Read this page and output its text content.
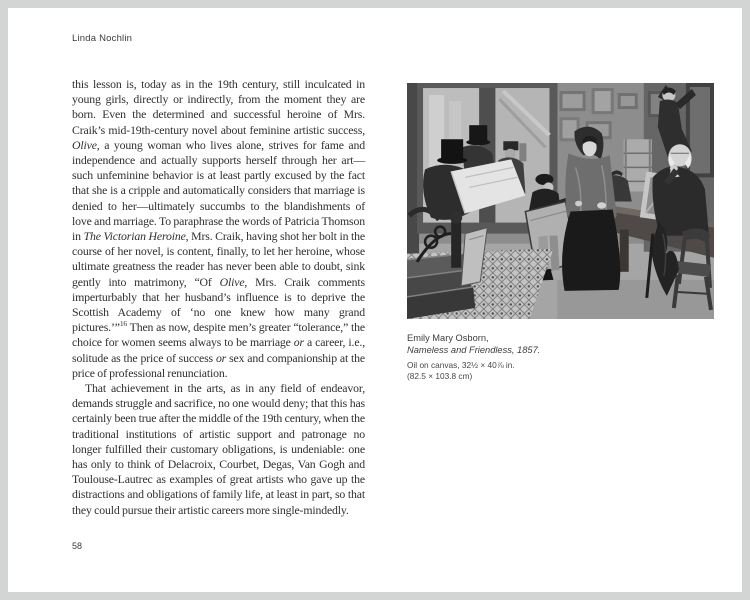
Linda Nochlin

this lesson is, today as in the 19th century, still inculcated in young girls, directly or indirectly, from the moment they are born. Even the determined and successful heroine of Mrs. Craik’s mid-19th-century novel about feminine artistic success, Olive, a young woman who lives alone, strives for fame and independence and actually supports herself through her art—such unfeminine behavior is at least partly excused by the fact that she is a cripple and automatically considers that marriage is denied to her—ultimately succumbs to the blandishments of love and marriage. To paraphrase the words of Patricia Thomson in The Victorian Heroine, Mrs. Craik, having shot her bolt in the course of her novel, is content, finally, to let her heroine, whose ultimate greatness the reader has never been able to doubt, sink gently into matrimony, “Of Olive, Mrs. Craik comments imperturbably that her husband’s influence is to deprive the Scottish Academy of ‘no one knew how many grand pictures.’”$^{16}$ Then as now, despite men’s greater “tolerance,” the choice for women seems always to be marriage or a career, i.e., solitude as the price of success or sex and companionship at the price of professional renunciation.

That achievement in the arts, as in any field of endeavor, demands struggle and sacrifice, no one would deny; that this has certainly been true after the middle of the 19th century, when the traditional institutions of artistic support and patronage no longer fulfilled their customary obligations, is undeniable: one has only to think of Delacroix, Courbet, Degas, Van Gogh and Toulouse-Lautrec as examples of great artists who gave up the distractions and obligations of family life, at least in part, so that they could pursue their artistic careers more single-mindedly.

Emily Mary Osborn,
Nameless and Friendless, 1857.
Oil on canvas, 32½ × 40⅞ in.
(82.5 × 103.8 cm)
58
